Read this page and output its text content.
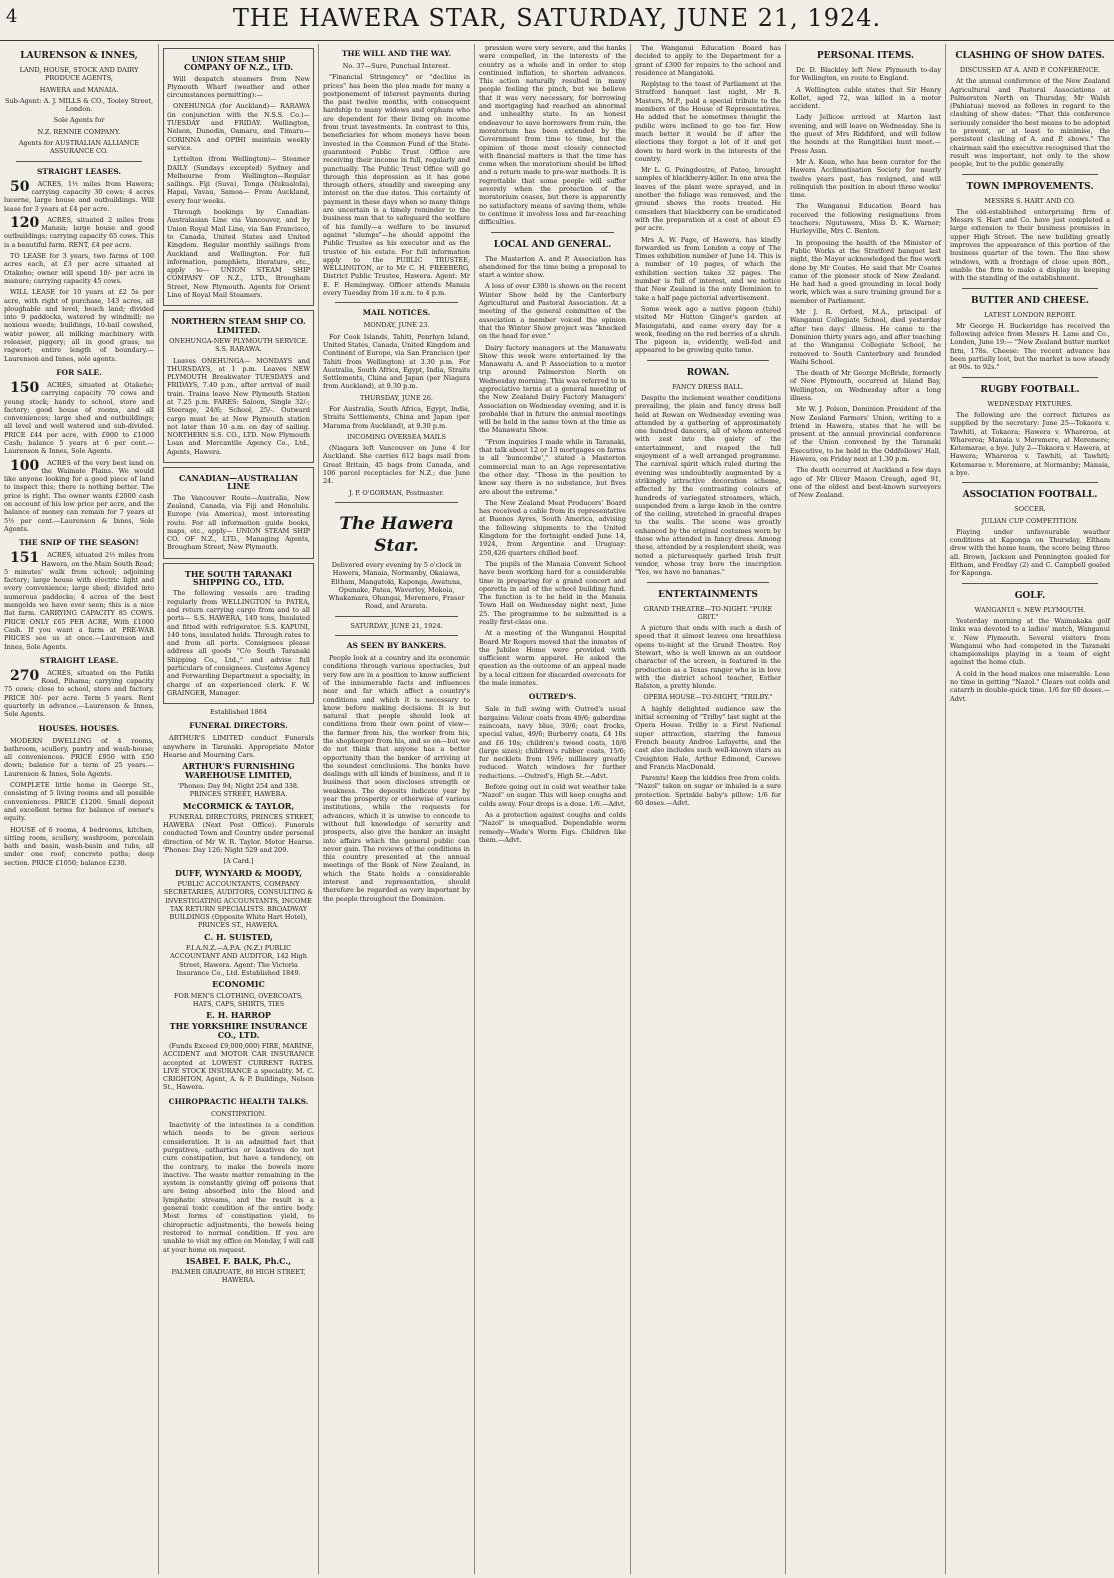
4	THE HAWERA STAR, SATURDAY, JUNE 21, 1924.
LAURENSON & INNES,

LAND, HOUSE, STOCK AND DAIRY PRODUCE AGENTS,

HAWERA and MANAIA.

Sub-Agent: A. J. MILLS & CO., Tooley Street, London.

Sole Agents for

N.Z. RENNIE COMPANY.

Agents for AUSTRALIAN ALLIANCE ASSURANCE CO.

STRAIGHT LEASES.

50 ACRES, 1½ miles from Hawera; carrying capacity 30 cows; 4 acres lucerne, large house and outbuildings. Will lease for 3 years at £4 per acre.

120 ACRES, situated 2 miles from Manaia; large house and good outbuildings; carrying capacity 65 cows. This is a beautiful farm. RENT, £4 per acre.

TO LEASE for 3 years, two farms of 100 acres each, at £3 per acre situated at Otakeho; owner will spend 10/- per acre in manure; carrying capacity 45 cows.

WILL LEASE for 10 years at £2 5s per acre, with right of purchase, 143 acres, all ploughable and level, beach land; divided into 9 paddocks, watered by windmill; no noxious weeds; buildings, 10-bail cowshed, water power, all milking machinery with releaser, piggery; all in good grass; no ragwort; entire length of boundary.—Laurenson and Innes, sole agents.

FOR SALE.

150 ACRES, situated at Otakeho; carrying capacity 70 cows and young stock; handy to school, store and factory; good house of rooms, and all conveniences; large shed and outbuildings; all level and well watered and sub-divided. PRICE £44 per acre, with £900 to £1000 Cash; balance 5 years at 6 per cent.—Laurenson & Innes, Sole Agents.

100 ACRES of the very best land on the Waimate Plains. We would like anyone looking for a good piece of land to inspect this; there is nothing better. The price is right. The owner wants £2000 cash on account of his low price per acre, and the balance of money can remain for 7 years at 5½ per cent.—Laurenson & Innes, Sole Agents.

THE SNIP OF THE SEASON!

151 ACRES, situated 2½ miles from Hawera, on the Main South Road; 5 minutes' walk from school; adjoining factory; large house with electric light and every convenience; large shed; divided into numerous paddocks; 4 acres of the best mangolds we have ever seen; this is a nice flat farm. CARRYING CAPACITY 85 COWS. PRICE ONLY £65 PER ACRE, With £1000 Cash. If you want a farm at PRE-WAR PRICES see us at once.—Laurenson and Innes, Sole Agents.

STRAIGHT LEASE.

270 ACRES, situated on the Patiki Road, Pihama; carrying capacity 75 cows; close to school, store and factory. PRICE 30/- per acre. Term 5 years. Rent quarterly in advance.—Laurenson & Innes, Sole Agents.

HOUSES. HOUSES.

MODERN DWELLING of 4 rooms, bathroom, scullery, pantry and wash-house; all conveniences. PRICE £950 with £50 down; balance for a term of 25 years.—Laurenson & Innes, Sole Agents.

COMPLETE little home in George St., consisting of 5 living rooms and all possible conveniences. PRICE £1200. Small deposit and excellent terms for balance of owner's equity.

HOUSE of 6 rooms, 4 bedrooms, kitchen, sitting room, scullery, washroom, porcelain bath and basin, wash-basin and tubs, all under one roof; concrete paths; deep section. PRICE £1050; balance £230.

UNION STEAM SHIP COMPANY OF N.Z., LTD.

Will despatch steamers from New Plymouth Wharf (weather and other circumstances permitting):—

ONEHUNGA (for Auckland)— RARAWA (in conjunction with the N.S.S. Co.)— TUESDAY and FRIDAY. Wellington, Nelson, Dunedin, Oamaru, and Timaru— CORINNA and OPIHI maintain weekly service.

Lyttelton (from Wellington)— Steamer DAILY (Sundays excepted) Sydney and Melbourne from Wellington—Regular sailings. Fiji (Suva), Tonga (Nukualofa), Hapai, Vavau, Samoa— From Auckland, every four weeks.

Through bookings by Canadian-Australasian Line via Vancouver, and by Union Royal Mail Line, via San Francisco, to Canada, United States and United Kingdom. Regular monthly sailings from Auckland and Wellington. For full information, pamphlets, literature, etc., apply to— UNION STEAM SHIP COMPANY OF N.Z., LTD., Brougham Street, New Plymouth. Agents for Orient Line of Royal Mail Steamers.

NORTHERN STEAM SHIP CO. LIMITED.

ONEHUNGA-NEW PLYMOUTH SERVICE. S.S. RARAWA.

Leaves ONEHUNGA— MONDAYS and THURSDAYS, at 1 p.m. Leaves NEW PLYMOUTH Breakwater TUESDAYS and FRIDAYS, 7.40 p.m., after arrival of mail train. Trains leave New Plymouth Station at 7.25 p.m. FARES: Saloon, Single 32/-; Steerage, 24/6; School, 25/-. Outward cargo must be at New Plymouth station not later than 10 a.m. on day of sailing. NORTHERN S.S. CO., LTD. New Plymouth Loan and Mercantile Agency Co., Ltd., Agents, Hawera.

CANADIAN—AUSTRALIAN LINE

The Vancouver Route—Australia, New Zealand, Canada, via Fiji and Honolulu. Europe (via America), most interesting route. For all information guide books, maps, etc., apply— UNION STEAM SHIP CO. OF N.Z., LTD., Managing Agents, Brougham Street, New Plymouth.

THE SOUTH TARANAKI SHIPPING CO., LTD.

The following vessels are trading regularly from WELLINGTON to PATEA, and return carrying cargo from and to all ports— S.S. HAWERA, 140 tons, Insulated and fitted with refrigerator. S.S. KAPUNI, 140 tons, insulated holds. Through rates to and from all ports. Consignees please address all goods "C/o South Taranaki Shipping Co., Ltd.," and advise full particulars of consignees. Customs Agency and Forwarding Department a specialty, in charge of an experienced clerk. F. W. GRAINGER, Manager.

Established 1864

FUNERAL DIRECTORS.

ARTHUR'S LIMITED conduct Funerals anywhere in Taranaki. Appropriate Motor Hearse and Mourning Cars.

ARTHUR'S FURNISHING WAREHOUSE LIMITED,

'Phones: Day 94; Night 254 and 338. PRINCES STREET, HAWERA.

McCORMICK & TAYLOR,

FUNERAL DIRECTORS, PRINCES STREET, HAWERA (Next Post Office). Funerals conducted Town and Country under personal direction of Mr W. R. Taylor. Motor Hearse. 'Phones: Day 126; Night 529 and 209.

[A Card.]

DUFF, WYNYARD & MOODY,

PUBLIC ACCOUNTANTS, COMPANY SECRETARIES, AUDITORS, CONSULTING & INVESTIGATING ACCOUNTANTS, INCOME TAX RETURN SPECIALISTS. BROADWAY BUILDINGS (Opposite White Hart Hotel), PRINCES ST., HAWERA.

C. H. SUISTED,

F.I.A.N.Z.—A.P.A. (N.Z.) PUBLIC ACCOUNTANT AND AUDITOR, 142 High Street, Hawera. Agent: The Victoria Insurance Co., Ltd. Established 1849.

ECONOMIC

FOR MEN'S CLOTHING, OVERCOATS, HATS, CAPS, SHIRTS, TIES

E. H. HARROP
THE YORKSHIRE INSURANCE CO., LTD.

(Funds Exceed £9,000,000) FIRE, MARINE, ACCIDENT and MOTOR CAR INSURANCE accepted at LOWEST CURRENT RATES. LIVE STOCK INSURANCE a speciality. M. C. CRIGHTON, Agent, A. & P. Buildings, Nelson St., Hawera.

CHIROPRACTIC HEALTH TALKS.

CONSTIPATION.

Inactivity of the intestines is a condition which needs to be given serious consideration. It is an admitted fact that purgatives, cathartics or laxatives do not cure constipation, but have a tendency, on the contrary, to make the bowels more inactive. The waste matter remaining in the system is constantly giving off poisons that are being absorbed into the blood and lymphatic streams, and the result is a general toxic condition of the entire body. Most forms of constipation yield, to chiropractic adjustments, the bowels being restored to normal condition. If you are unable to visit my office on Monday, I will call at your home on request.

ISABEL F. BALK, Ph.C.,

PALMER GRADUATE, 88 HIGH STREET, HAWERA.

THE WILL AND THE WAY.

No. 37—Sure, Punctual Interest.

"Financial Stringency" or "decline in prices" has been the plea made for many a postponement of interest payments during the past twelve months, with consequent hardship to many widows and orphans who are dependent for their living on income from trust investments. In contrast to this, beneficiaries for whom moneys have been invested in the Common Fund of the State-guaranteed Public Trust Office are receiving their income in full, regularly and punctually. The Public Trust Office will go through this depression as it has gone through others, steadily and sweeping any interest on the due dates. This certainty of payment in these days when so many things are uncertain is a timely reminder to the business man that to safeguard the welfare of his family—a welfare to be insured against "slumps"—he should appoint the Public Trustee as his executor and as the trustee of his estate. For full information apply to the PUBLIC TRUSTEE, WELLINGTON, or to Mr C. H. FREEBERG, District Public Trustee, Hawera. Agent: Mr E. F. Hemingway. Officer attends Manaia every Tuesday from 10 a.m. to 4 p.m.

MAIL NOTICES.

MONDAY, JUNE 23.

For Cook Islands, Tahiti, Penrhyn Island, United States, Canada, United Kingdom and Continent of Europe, via San Francisco (per Tahiti from Wellington) at 3.30 p.m. For Australia, South Africa, Egypt, India, Straits Settlements, China and Japan (per Niagara from Auckland), at 9.30 p.m.

THURSDAY, JUNE 26.

For Australia, South Africa, Egypt, India, Straits Settlements, China and Japan (per Marama from Auckland), at 9.30 p.m.

INCOMING OVERSEA MAILS

(Niagara left Vancouver on June 4 for Auckland. She carries 612 bags mail from Great Britain, 45 bags from Canada, and 106 parcel receptacles for N.Z.; due June 24.

J. P. O'GORMAN, Postmaster.

The Hawera Star.

Delivered every evening by 5 o'clock in Hawera, Manaia, Normanby, Okaiawa, Eltham, Mangatoki, Kaponga, Awatuna, Opunake, Patea, Waverley, Mokoia, Whakamara, Ohangai, Meremere, Fraser Road, and Ararata.

SATURDAY, JUNE 21, 1924.

AS SEEN BY BANKERS.

People look at a country and its economic conditions through various spectacles, but very few are in a position to know sufficient of the innumerable facts and influences near and far which affect a country's conditions and which it is necessary to know before making decisions. It is but natural that people should look at conditions from their own point of view—the farmer from his, the worker from his, the shopkeeper from his, and so on—but we do not think that anyone has a better opportunity than the banker of arriving at the soundest conclusions. The banks have dealings with all kinds of business, and it is business that soon discloses strength or weakness. The deposits indicate year by year the prosperity or otherwise of various institutions, while the requests for advances, which it is unwise to concede to without full knowledge of security and prospects, also give the banker an insight into affairs which the general public can never gain. The reviews of the conditions in this country presented at the annual meetings of the Bank of New Zealand, in which the State holds a considerable interest and representation, should therefore be regarded as very important by the people throughout the Dominion.

pression were very severe, and the banks were compelled, in the interests of the country as a whole and in order to stop continued inflation, to shorten advances. This action naturally resulted in many people feeling the pinch, but we believe that it was very necessary, for borrowing and mortgaging had reached an abnormal and unhealthy state. In an honest endeavour to save borrowers from ruin, the moratorium has been extended by the Government from time to time, but the opinion of those most closely connected with financial matters is that the time has come when the moratorium should be lifted and a return made to pre-war methods. It is regrettable that some people will suffer severely when the protection of the moratorium ceases, but there is apparently no satisfactory means of saving them, while to continue it involves loss and far-reaching difficulties.

LOCAL AND GENERAL.

The Masterton A. and P. Association has abandoned for the time being a proposal to start a winter show.

A loss of over £300 is shown on the recent Winter Show held by the Canterbury Agricultural and Pastoral Association. At a meeting of the general committee of the association a member voiced the opinion that the Winter Show project was "knocked on the head for ever."

Dairy factory managers at the Manawatu Show this week were entertained by the Manawatu A. and P. Association to a motor trip around Palmerston North on Wednesday morning. This was referred to in appreciative terms at a general meeting of the New Zealand Dairy Factory Managers' Association on Wednesday evening, and it is probable that in future the annual meetings will be held in the same town at the time as the Manawatu Show.

"From inquiries I made while in Taranaki, that talk about 12 or 13 mortgages on farms is all 'buncombe'," stated a Masterton commercial man to an Age representative the other day. "Those in the position to know say there is no substance, but fives are about the extreme."

The New Zealand Meat Producers' Board has received a cable from its representative at Buenos Ayres, South America, advising the following shipments to the United Kingdom for the fortnight ended June 14, 1924, from Argentine and Uruguay: 250,426 quarters chilled beef.

The pupils of the Manaia Convent School have been working hard for a considerable time in preparing for a grand concert and operetta in aid of the school building fund. The function is to be held in the Manaia Town Hall on Wednesday night next, June 25. The programme to be submitted is a really first-class one.

At a meeting of the Wanganui Hospital Board Mr Rogers moved that the inmates of the Jubilee Home were provided with sufficient warm apparel. He asked the question as the outcome of an appeal made by a local citizen for discarded overcoats for the male inmates.

OUTRED'S.

Sale in full swing with Outred's usual bargains: Velour coats from 49/6; gaberdine raincoats, navy blue, 39/6; coat frocks, special value, 49/6; Burberry coats, £4 10s and £6 10s; children's tweed coats, 10/6 (large sizes); children's rubber coats, 15/6; fur necklets from 19/6; millinery greatly reduced. Watch windows for further reductions. —Outred's, High St.—Advt.

Before going out in cold wet weather take "Nazol" on sugar. This will keep coughs and colds away. Four drops is a dose. 1/6.—Advt.

As a protection against coughs and colds "Nazol" is unequalled. Dependable worm remedy—Wade's Worm Figs. Children like them.—Advt.

The Wanganui Education Board has decided to apply to the Department for a grant of £300 for repairs to the school and residence at Mangatoki.

Replying to the toast of Parliament at the Stratford banquet last night, Mr R. Masters, M.P., paid a special tribute to the members of the House of Representatives. He added that he sometimes thought the public were inclined to go too far. How much better it would be if after the elections they forgot a lot of it and got down to hard work in the interests of the country.

Mr L. G. Poingdestre, of Pateo, brought samples of blackberry-killer. In one area the leaves of the plant were sprayed, and in another the foliage was removed, and the ground shows the roots treated. He considers that blackberry can be eradicated with the preparation at a cost of about £5 per acre.

Mrs A. W. Page, of Hawera, has kindly forwarded us from London a copy of The Times exhibition number of June 14. This is a number of 10 pages, of which the exhibition section takes 32 pages. The number is full of interest, and we notice that New Zealand is the only Dominion to take a half page pictorial advertisement.

Some week ago a native pigeon (tuhi) visited Mr Hutton Ginger's garden at Maungatahi, and came every day for a week, feeding on the red berries of a shrub. The pigeon is, evidently, well-fed and appeared to be growing quite tame.

ROWAN.

FANCY DRESS BALL.

Despite the inclement weather conditions prevailing, the plain and fancy dress ball held at Rowan on Wednesday evening was attended by a gathering of approximately one hundred dancers, all of whom entered with zest into the gaiety of the entertainment, and reaped the full enjoyment of a well arranged programme. The carnival spirit which ruled during the evening was undoubtedly augmented by a strikingly attractive decoration scheme, effected by the contrasting colours of hundreds of variegated streamers, which, suspended from a large knob in the centre of the ceiling, stretched in graceful drapes to the walls. The scene was greatly enhanced by the original costumes worn by those who attended in fancy dress. Among these, attended by a resplendent sheik, was noted a picturesquely garbed Irish fruit vendor, whose tray bore the inscription "Yes, we have no bananas."

ENTERTAINMENTS

GRAND THEATRE—TO-NIGHT. "PURE GRIT."

A picture that ends with such a dash of speed that it almost leaves one breathless opens to-night at the Grand Theatre. Roy Stewart, who is well known as an outdoor character of the screen, is featured in the production as a Texas ranger who is in love with the district school teacher, Esther Ralston, a pretty blonde.

OPERA HOUSE—TO-NIGHT, "TRILBY."

A highly delighted audience saw the initial screening of "Trilby" last night at the Opera House. Trilby is a First National super attraction, starring the famous French beauty Andree Lafayette, and the cast also includes such well-known stars as Creighton Hale, Arthur Edmond, Carewe and Francis MacDonald.

Parents! Keep the kiddies free from colds. "Nazol" taken on sugar or inhaled is a sure protection. Sprinkle baby's pillow; 1/6 for 60 doses.—Advt.

PERSONAL ITEMS.

Dr. D. Blackley left New Plymouth to-day for Wellington, en route to England.

A Wellington cable states that Sir Henry Kellet, aged 72, was killed in a motor accident.

Lady Jellicoe arrived at Marton last evening, and will leave on Wednesday. She is the guest of Mrs Riddiford, and will follow the hounds at the Rangitikei hunt meet.—Press Assn.

Mr A. Kean, who has been curator for the Hawera Acclimatisation Society for nearly twelve years past, has resigned, and will relinquish the position in about three weeks' time.

The Wanganui Education Board has received the following resignations from teachers: Ngutuwera, Miss D. K. Warner; Hurleyville, Mrs C. Benton.

In proposing the health of the Minister of Public Works at the Stratford banquet last night, the Mayor acknowledged the fine work done by Mr Coates. He said that Mr Coates came of the pioneer stock of New Zealand. He had had a good grounding in local body work, which was a sure training ground for a member of Parliament.

Mr J. R. Orford, M.A., principal of Wanganui Collegiate School, died yesterday after two days' illness. He came to the Dominion thirty years ago, and after teaching at the Wanganui Collegiate School, he removed to South Canterbury and founded Waihi School.

The death of Mr George McBride, formerly of New Plymouth, occurred at Island Bay, Wellington, on Wednesday after a long illness.

Mr W. J. Polson, Dominion President of the New Zealand Farmers' Union, writing to a friend in Hawera, states that he will be present at the annual provincial conference of the Union convened by the Taranaki Executive, to be held in the Oddfellows' Hall, Hawera, on Friday next at 1.30 p.m.

The death occurred at Auckland a few days ago of Mr Oliver Mason Creagh, aged 91, one of the oldest and best-known surveyors of New Zealand.

CLASHING OF SHOW DATES.

DISCUSSED AT A. AND P. CONFERENCE.

At the annual conference of the New Zealand Agricultural and Pastoral Associations at Palmerston North on Thursday, Mr Walsh (Pahiatua) moved as follows in regard to the clashing of show dates: "That this conference seriously consider the best means to be adopted to prevent, or at least to minimise, the persistent clashing of A. and P. shows." The chairman said the executive recognised that the result was important, not only to the show people, but to the public generally.

TOWN IMPROVEMENTS.

MESSRS S. HART AND CO.

The old-established enterprising firm of Messrs S. Hart and Co. have just completed a large extension to their business premises in upper High Street. The new building greatly improves the appearance of this portion of the business quarter of the town. The fine show windows, with a frontage of close upon 80ft., enable the firm to make a display in keeping with the standing of the establishment.

BUTTER AND CHEESE.

LATEST LONDON REPORT.

Mr George H. Buckeridge has received the following advice from Messrs H. Lane and Co., London, June 19:— "New Zealand butter market firm, 178s. Cheese: The recent advance has been partially lost, but the market is now steady at 90s. to 92s."

RUGBY FOOTBALL.

WEDNESDAY FIXTURES.

The following are the correct fixtures as supplied by the secretary: June 25—Tokaora v. Tawhiti, at Tokaora; Hawera v. Whareroa, at Whareroa; Manaia v. Meremere, at Meremere; Ketemarae, a bye. July 2—Tokaora v. Hawera, at Hawera; Whareroa v. Tawhiti, at Tawhiti; Ketemarae v. Meremere, at Normanby; Manaia, a bye.

ASSOCIATION FOOTBALL.

SOCCER.

JULIAN CUP COMPETITION.

Playing under unfavourable weather conditions at Kaponga on Thursday, Eltham drew with the home team, the score being three all. Brown, Jackson and Pennington goaled for Eltham, and Fredlay (2) and C. Campbell goaled for Kaponga.

GOLF.

WANGANUI v. NEW PLYMOUTH.

Yesterday morning at the Waimakaka golf links was devoted to a ladies' match, Wanganui v. New Plymouth. Several visitors from Wanganui who had competed in the Taranaki championships playing in a team of eight against the home club.

A cold in the head makes one miserable. Lose no time in getting "Nazol." Clears out colds and catarrh in double-quick time. 1/6 for 60 doses.—Advt.
